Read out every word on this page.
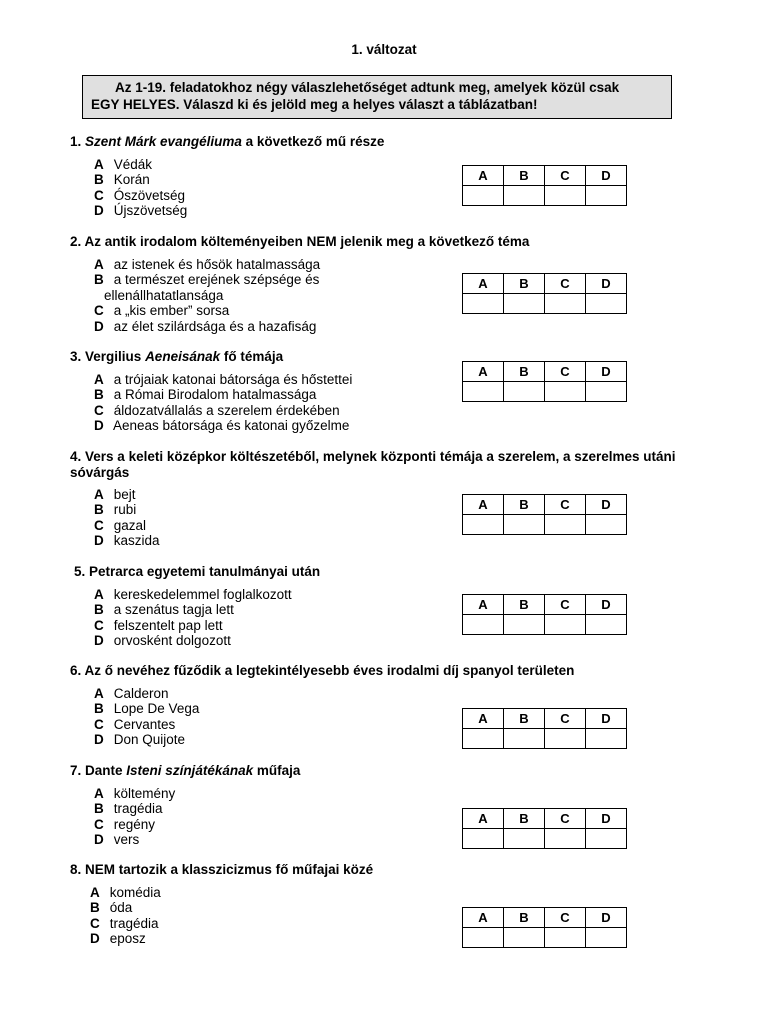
1. változat
Az 1-19. feladatokhoz négy válaszlehetőséget adtunk meg, amelyek közül csak
EGY HELYES. Válaszd ki és jelöld meg a helyes választ a táblázatban!
1. Szent Márk evangéliuma a következő mű része
A Védák
B Korán
C Ószövetség
D Újszövetség
A	B	C	D

2. Az antik irodalom költeményeiben NEM jelenik meg a következő téma
A az istenek és hősök hatalmassága
B a természet erejének szépsége és
ellenállhatatlansága
C a „kis ember” sorsa
D az élet szilárdsága és a hazafiság
A	B	C	D

3. Vergilius Aeneisának fő témája
A a trójaiak katonai bátorsága és hőstettei
B a Római Birodalom hatalmassága
C áldozatvállalás a szerelem érdekében
D Aeneas bátorsága és katonai győzelme
A	B	C	D

4. Vers a keleti középkor költészetéből, melynek központi témája a szerelem, a szerelmes utáni sóvárgás
A bejt
B rubi
C gazal
D kaszida
A	B	C	D

5. Petrarca egyetemi tanulmányai után
A kereskedelemmel foglalkozott
B a szenátus tagja lett
C felszentelt pap lett
D orvosként dolgozott
A	B	C	D

6. Az ő nevéhez fűződik a legtekintélyesebb éves irodalmi díj spanyol területen
A Calderon
B Lope De Vega
C Cervantes
D Don Quijote
A	B	C	D

7. Dante Isteni színjátékának műfaja
A költemény
B tragédia
C regény
D vers
A	B	C	D

8. NEM tartozik a klasszicizmus fő műfajai közé
A komédia
B óda
C tragédia
D eposz
A	B	C	D
